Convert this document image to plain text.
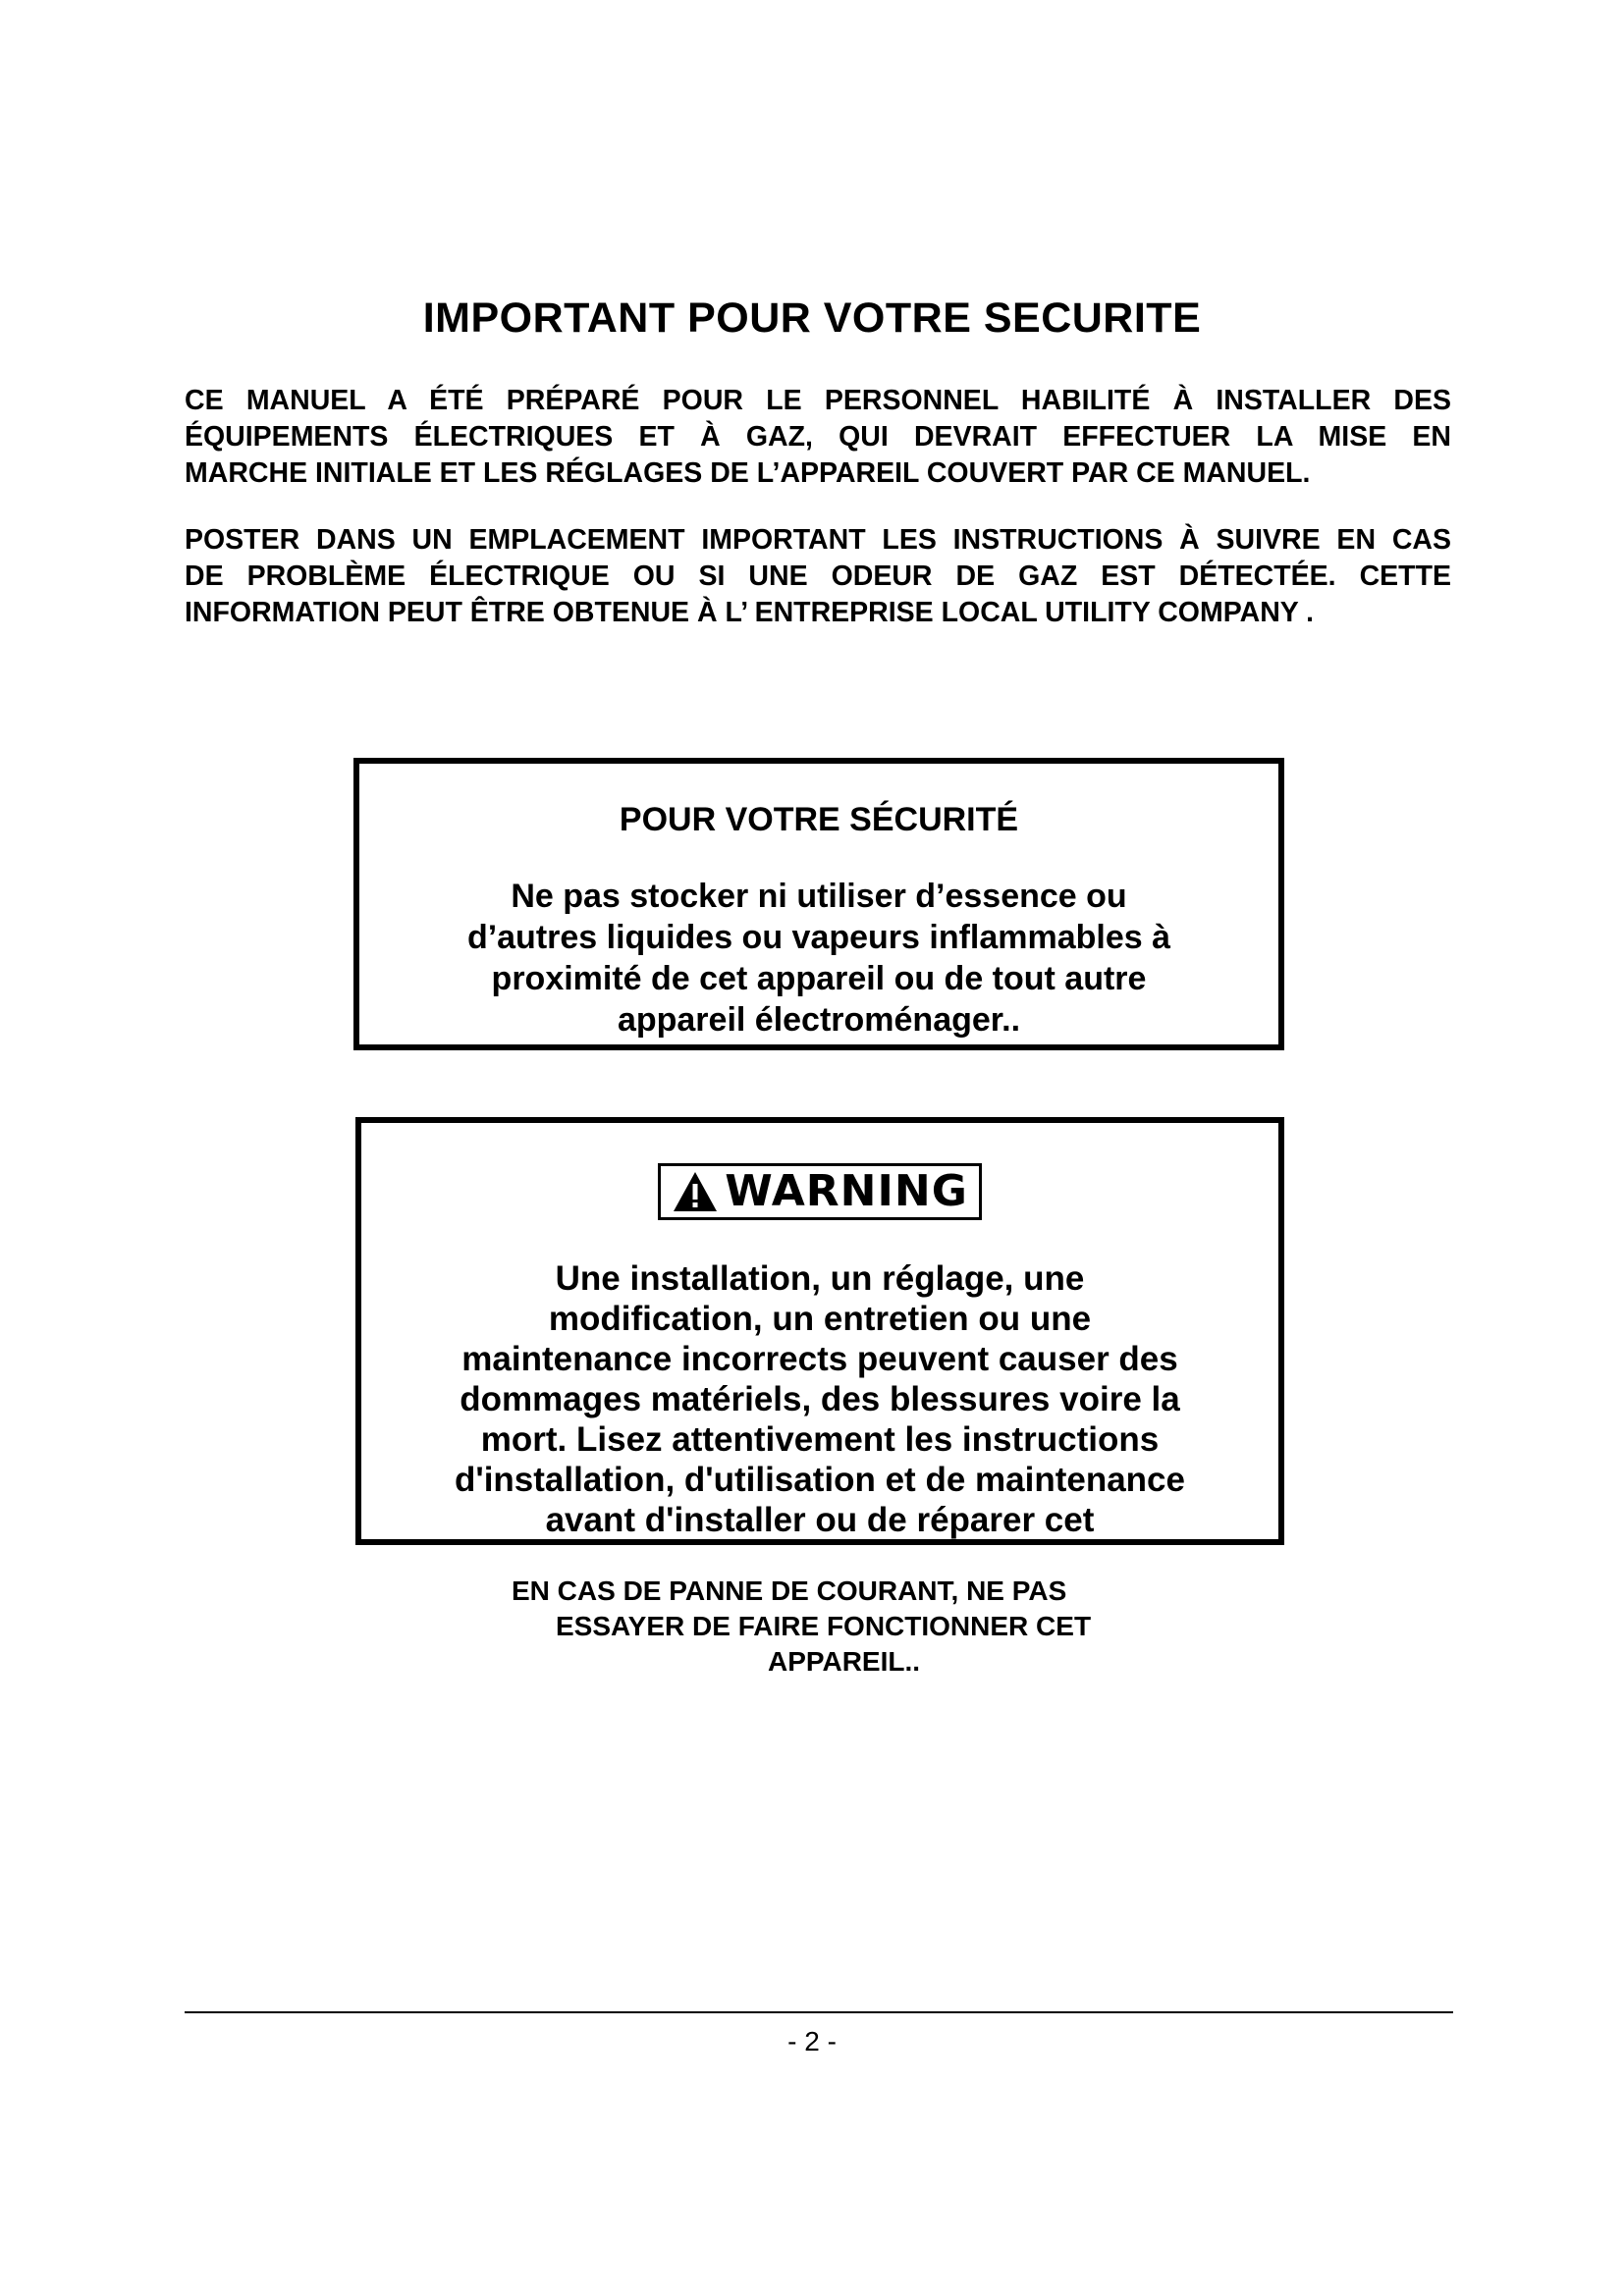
IMPORTANT POUR VOTRE SECURITE

CE MANUEL A ÉTÉ PRÉPARÉ POUR LE PERSONNEL HABILITÉ À INSTALLER DES
ÉQUIPEMENTS ÉLECTRIQUES ET À GAZ, QUI DEVRAIT EFFECTUER LA MISE EN
MARCHE INITIALE ET LES RÉGLAGES DE L’APPAREIL COUVERT PAR CE MANUEL.

POSTER DANS UN EMPLACEMENT IMPORTANT LES INSTRUCTIONS À SUIVRE EN CAS
DE PROBLÈME ÉLECTRIQUE OU SI UNE ODEUR DE GAZ EST DÉTECTÉE. CETTE
INFORMATION PEUT ÊTRE OBTENUE À L’ ENTREPRISE LOCAL UTILITY COMPANY .

POUR VOTRE SÉCURITÉ

Ne pas stocker ni utiliser d’essence ou
d’autres liquides ou vapeurs inflammables à
proximité de cet appareil ou de tout autre
appareil électroménager..

WARNING

Une installation, un réglage, une
modification, un entretien ou une
maintenance incorrects peuvent causer des
dommages matériels, des blessures voire la
mort. Lisez attentivement les instructions
d'installation, d'utilisation et de maintenance
avant d'installer ou de réparer cet

EN CAS DE PANNE DE COURANT, NE PAS

ESSAYER DE FAIRE FONCTIONNER CET

APPAREIL..

- 2 -
